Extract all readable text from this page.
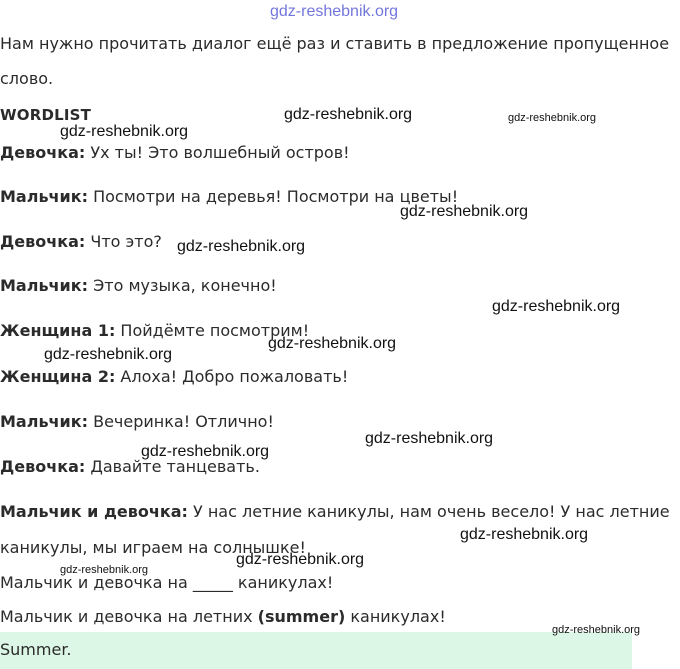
gdz-reshebnik.org
Нам нужно прочитать диалог ещё раз и ставить в предложение пропущенное
слово.
WORDLIST
Девочка: Ух ты! Это волшебный остров!
Мальчик: Посмотри на деревья! Посмотри на цветы!
Девочка: Что это?
Мальчик: Это музыка, конечно!
Женщина 1: Пойдёмте посмотрим!
Женщина 2: Алоха! Добро пожаловать!
Мальчик: Вечеринка! Отлично!
Девочка: Давайте танцевать.
Мальчик и девочка: У нас летние каникулы, нам очень весело! У нас летние
каникулы, мы играем на солнышке!
Мальчик и девочка на _____ каникулах!
Мальчик и девочка на летних (summer) каникулах!
Summer.
gdz-reshebnik.org	gdz-reshebnik.org
gdz-reshebnik.org
gdz-reshebnik.org
gdz-reshebnik.org
gdz-reshebnik.org
gdz-reshebnik.org
gdz-reshebnik.org
gdz-reshebnik.org
gdz-reshebnik.org
gdz-reshebnik.org
gdz-reshebnik.org
gdz-reshebnik.org
gdz-reshebnik.org
